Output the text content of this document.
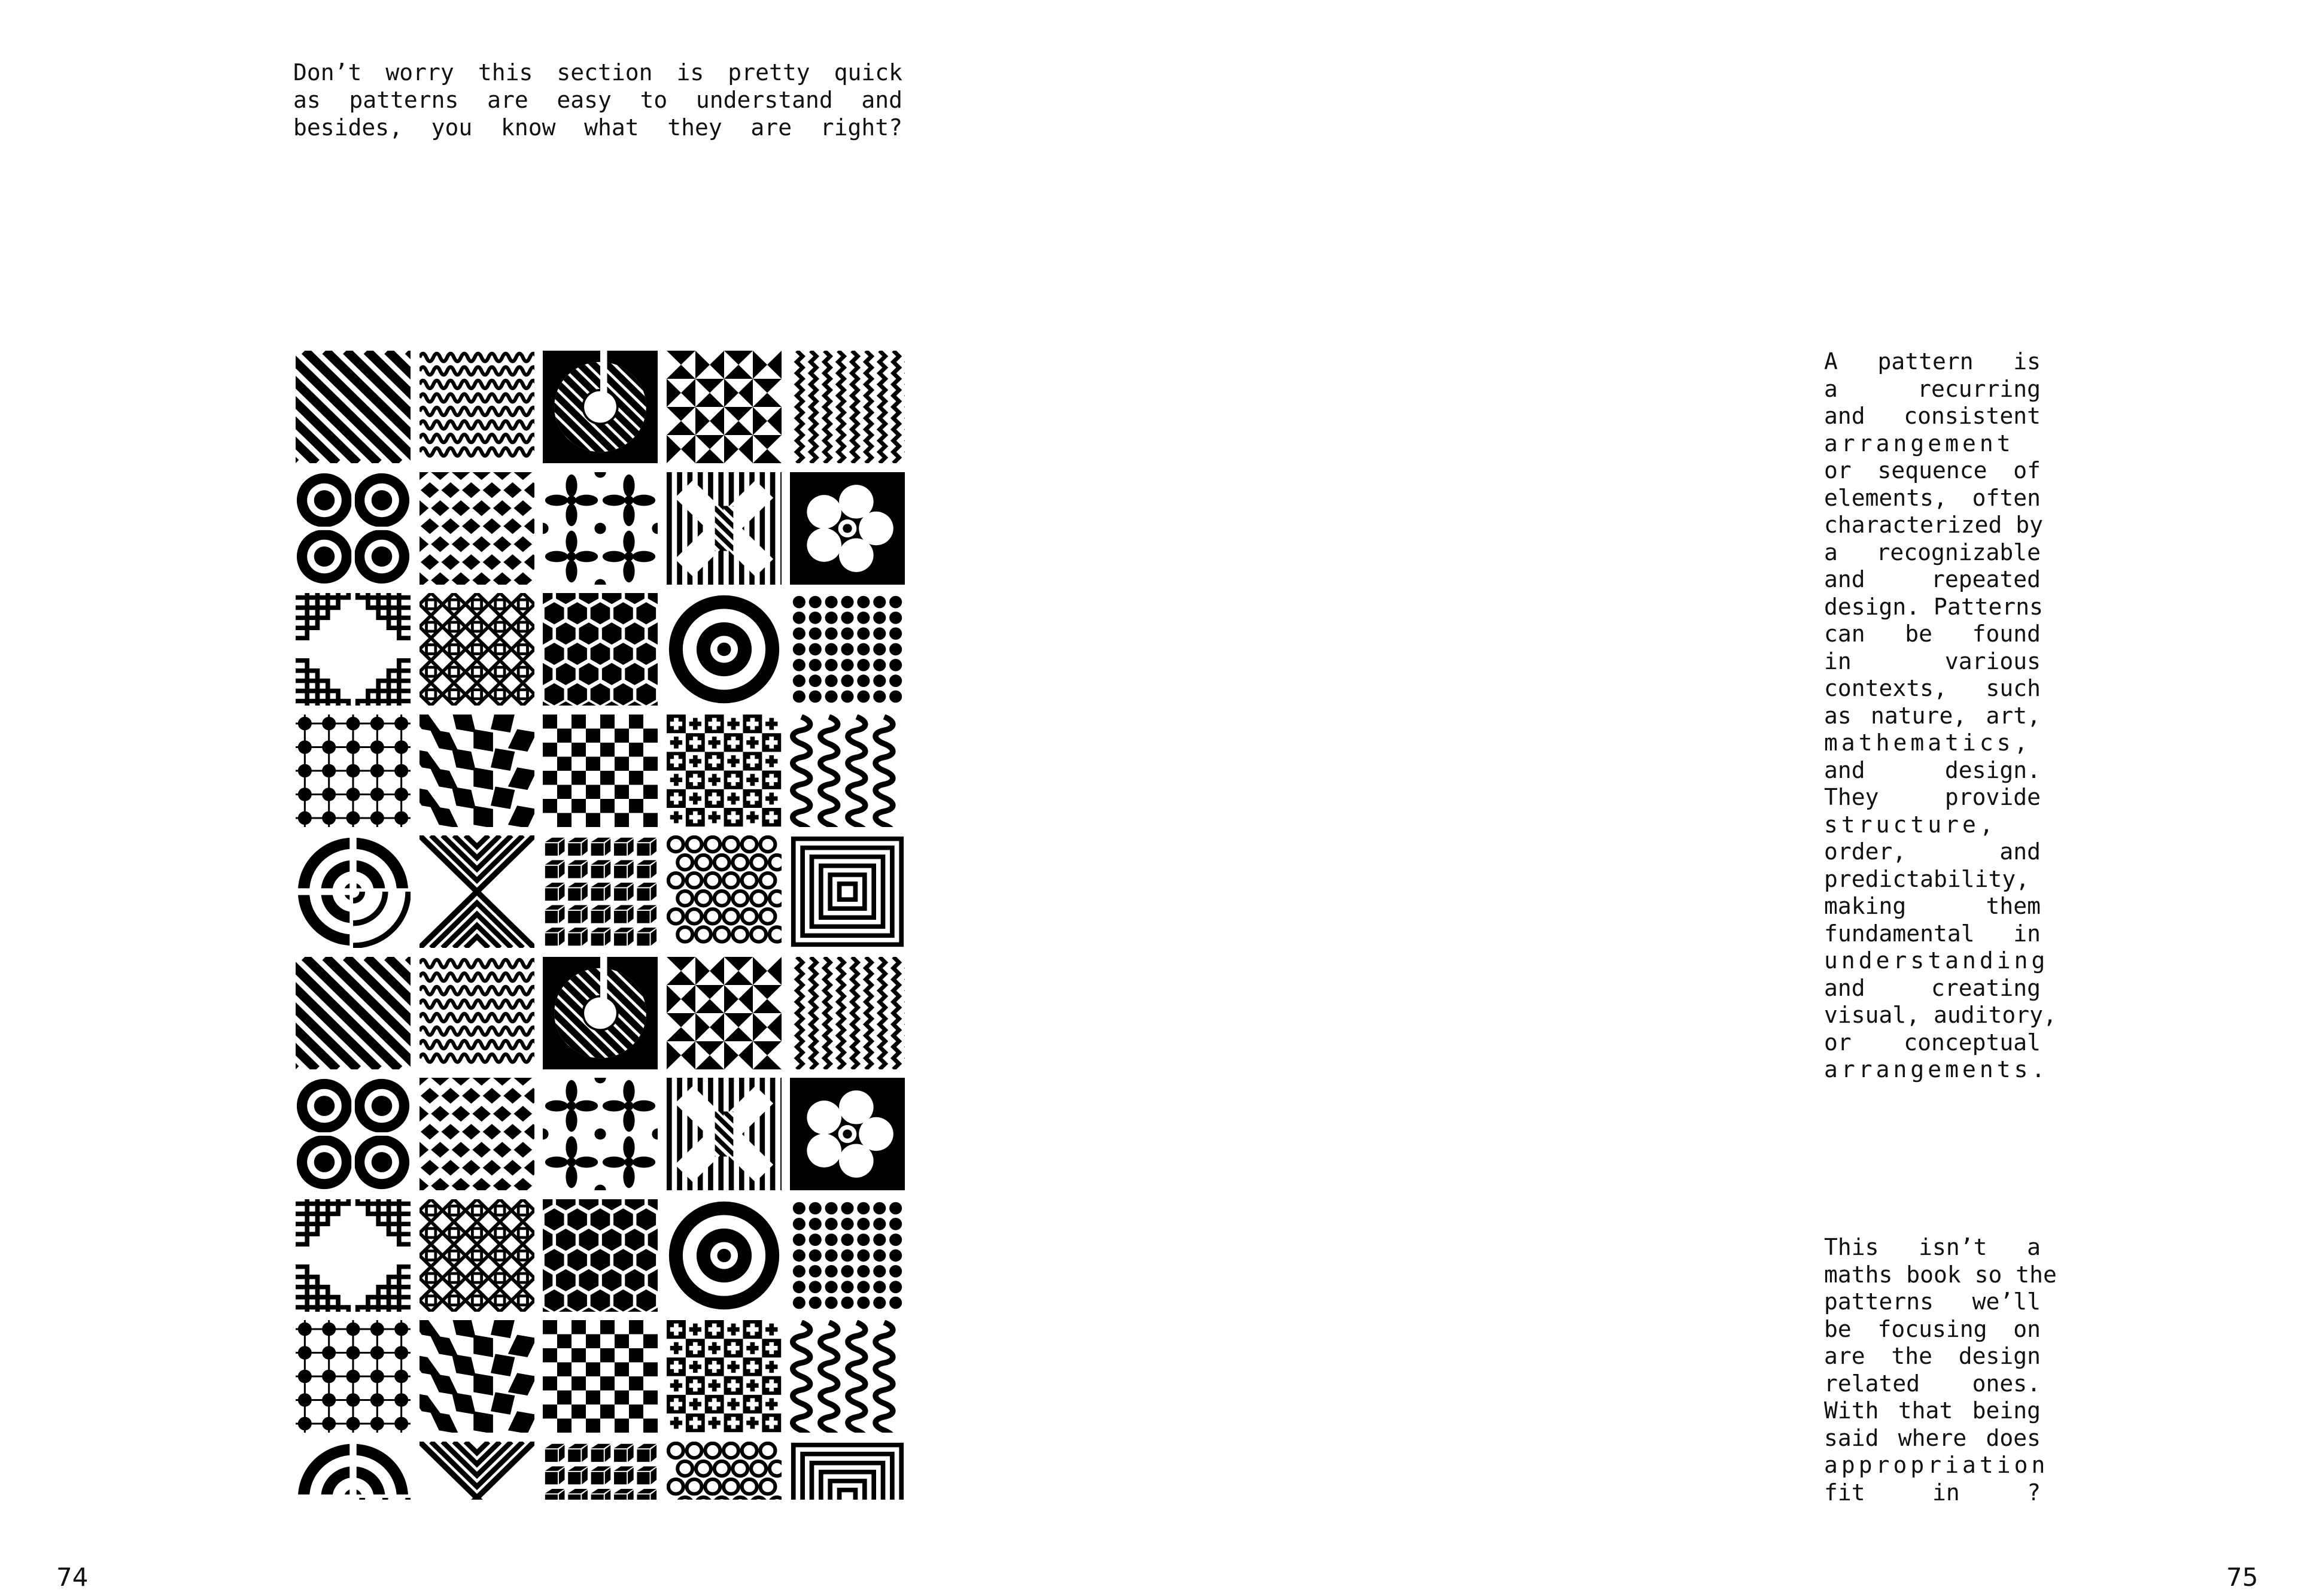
Don’t worry this section is pretty quick
as patterns are easy to understand and
besides, you know what they are right?
A pattern is
a recurring
and consistent
arrangement
or sequence of
elements, often
characterized by
a recognizable
and repeated
design. Patterns
can be found
in various
contexts, such
as nature, art,
mathematics,
and design.
They provide
structure,
order, and
predictability,
making them
fundamental in
understanding
and creating
visual, auditory,
or conceptual
arrangements.
This isn’t a
maths book so the
patterns we’ll
be focusing on
are the design
related ones.
With that being
said where does
appropriation
fit in ?
74	75
